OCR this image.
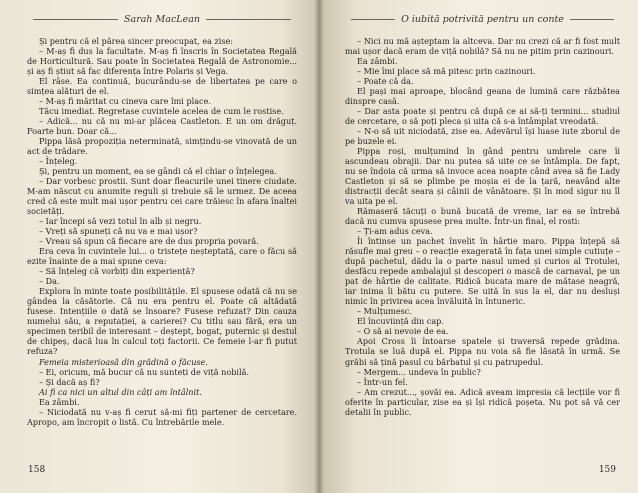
Sarah MacLean

Și pentru că el părea sincer preocupat, ea zise:

– M-aș fi dus la facultate. M-aș fi înscris în Societatea Regală de Horticultură. Sau poate în Societatea Regală de Astronomie... și aș fi știut să fac diferența între Polaris și Vega.

El râse. Ea continuă, bucurându-se de libertatea pe care o simțea alături de el.

– M-aș fi măritat cu cineva care îmi place.

Tăcu imediat. Regretase cuvintele acelea de cum le rostise.

– Adică... nu că nu mi-ar plăcea Castleton. E un om drăguț. Foarte bun. Doar că...

Pippa lăsă propoziția neterminată, simțindu-se vinovată de un act de trădare.

– Înțeleg.

Și, pentru un moment, ea se gândi că el chiar o înțelegea.

– Dar vorbesc prostii. Sunt doar fleacurile unei tinere ciudate. M-am născut cu anumite reguli și trebuie să le urmez. De aceea cred că este mult mai ușor pentru cei care trăiesc în afara înaltei societăți.

– Iar începi să vezi totul în alb și negru.

– Vreți să spuneți că nu va e mai ușor?

– Vreau să spun că fiecare are de dus propria povară.

Era ceva în cuvintele lui... o tristețe neșteptată, care o făcu să ezite înainte de a mai spune ceva:

– Să înțeleg că vorbiți din experiență?

– Da.

Explora în minte toate posibilitățile. El spusese odată că nu se gândea la căsătorie. Că nu era pentru el. Poate că altădată fusese. Intențiile o dată se însoare? Fusese refuzat? Din cauza numelui său, a reputației, a carierei? Cu titlu sau fără, era un specimen teribil de interesant – deștept, bogat, puternic și destul de chipeș, dacă lua în calcul toți factorii. Ce femeie l-ar fi putut refuza?

Femeia misterioasă din grădină o făcuse.

– Ei, oricum, mă bucur că nu sunteți de viță nobilă.

– Și dacă aș fi?

Ai fi ca nici un altul din câți am întâlnit.

Ea zâmbi.

– Niciodată nu v-aș fi cerut să-mi fiți partener de cercetare. Apropo, am încropit o listă. Cu întrebările mele.

158
O iubită potrivită pentru un conte

– Nici nu mă așteptam la altceva. Dar nu crezi că ar fi fost mult mai ușor dacă eram de viță nobilă? Să nu ne pitim prin cazinouri.

Ea zâmbi.

– Mie îmi place să mă pitesc prin cazinouri.

– Poate că da.

El pași mai aproape, blocând geana de lumină care răzbătea dinspre casă.

– Dar asta poate și pentru că după ce ai să-ți termini... studiul de cercetare, o să poți pleca și uita că s-a întâmplat vreodată.

– N-o să uit niciodată, zise ea. Adevărul își luase iute zborul de pe buzele ei.

Pippa roși, mulțumind în gând pentru umbrele care îi ascundeau obrajii. Dar nu putea să uite ce se întâmpla. De fapt, nu se îndoia că urma să invoce acea noapte când avea să fie Lady Castleton și să se plimbe pe moșia ei de la țară, neavând alte distracții decât seara și câinii de vânătoare. Și în mod sigur nu îl va uita pe el.

Rămaseră tăcuți o bună bucată de vreme, iar ea se întrebă dacă nu cumva spusese prea multe. Într-un final, el rosti:

– Ți-am adus ceva.

Îi întinse un pachet învelit în hârtie maro. Pippa înțepă să răsufle mai greu – o reacție exagerată în fața unei simple cutiuțe – după pachetul, dădu la o parte nasul umed și curios al Trotulei, desfăcu repede ambalajul și descoperi o mască de carnaval, pe un pat de hârtie de calitate. Ridică bucata mare de mătase neagră, iar inima îi bătu cu putere. Se uită în sus la el, dar nu desluși nimic în privirea acea învăluită în întuneric.

– Mulțumesc.

El încuviință din cap.

– O să ai nevoie de ea.

Apoi Cross îi întoarse spatele și traversă repede grădina. Trotula se luă după el. Pippa nu voia să fie lăsată în urmă. Se grăbi să țină pasul cu bărbatul și cu patrupedul.

– Mergem... undeva în public?

– Într-un fel.

– Am crezut..., șovăi ea. Adică aveam impresia că lecțiile vor fi oferite în particular, zise ea și își ridică poșeta. Nu pot să vă cer detalii în public.

159
